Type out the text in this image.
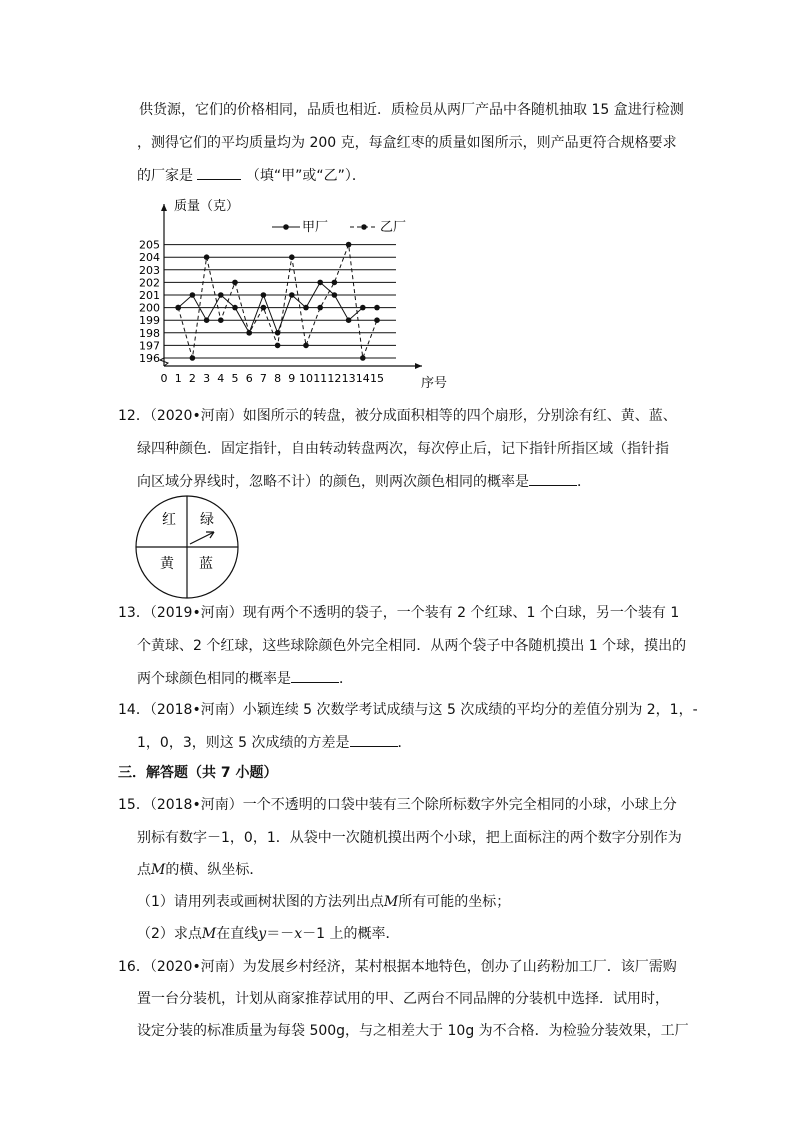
供货源，它们的价格相同，品质也相近．质检员从两厂产品中各随机抽取 15 盒进行检测
，测得它们的平均质量均为 200 克，每盒红枣的质量如图所示，则产品更符合规格要求
的厂家是	（填“甲”或“乙”）．
196
197
198
199
200
201
202
203
204
205
0 1 2 3 4 5 6 7 8 9 10 11 12 13 14 15
质量（克）
序号
甲厂	乙厂
12．（2020•河南）如图所示的转盘，被分成面积相等的四个扇形，分别涂有红、黄、蓝、
绿四种颜色．固定指针，自由转动转盘两次，每次停止后，记下指针所指区域（指针指
向区域分界线时，忽略不计）的颜色，则两次颜色相同的概率是	．
红 绿
黄 蓝
13．（2019•河南）现有两个不透明的袋子，一个装有 2 个红球、1 个白球，另一个装有 1
个黄球、2 个红球，这些球除颜色外完全相同．从两个袋子中各随机摸出 1 个球，摸出的
两个球颜色相同的概率是	．
14．（2018•河南）小颖连续 5 次数学考试成绩与这 5 次成绩的平均分的差值分别为 2，1，-
1，0，3，则这 5 次成绩的方差是	．
三．解答题（共 7 小题）
15．（2018•河南）一个不透明的口袋中装有三个除所标数字外完全相同的小球，小球上分
别标有数字－1，0，1．从袋中一次随机摸出两个小球，把上面标注的两个数字分别作为
点M的横、纵坐标．
（1）请用列表或画树状图的方法列出点M所有可能的坐标；
（2）求点M在直线y＝－x－1 上的概率．
16．（2020•河南）为发展乡村经济，某村根据本地特色，创办了山药粉加工厂．该厂需购
置一台分装机，计划从商家推荐试用的甲、乙两台不同品牌的分装机中选择．试用时，
设定分装的标准质量为每袋 500g，与之相差大于 10g 为不合格．为检验分装效果，工厂
